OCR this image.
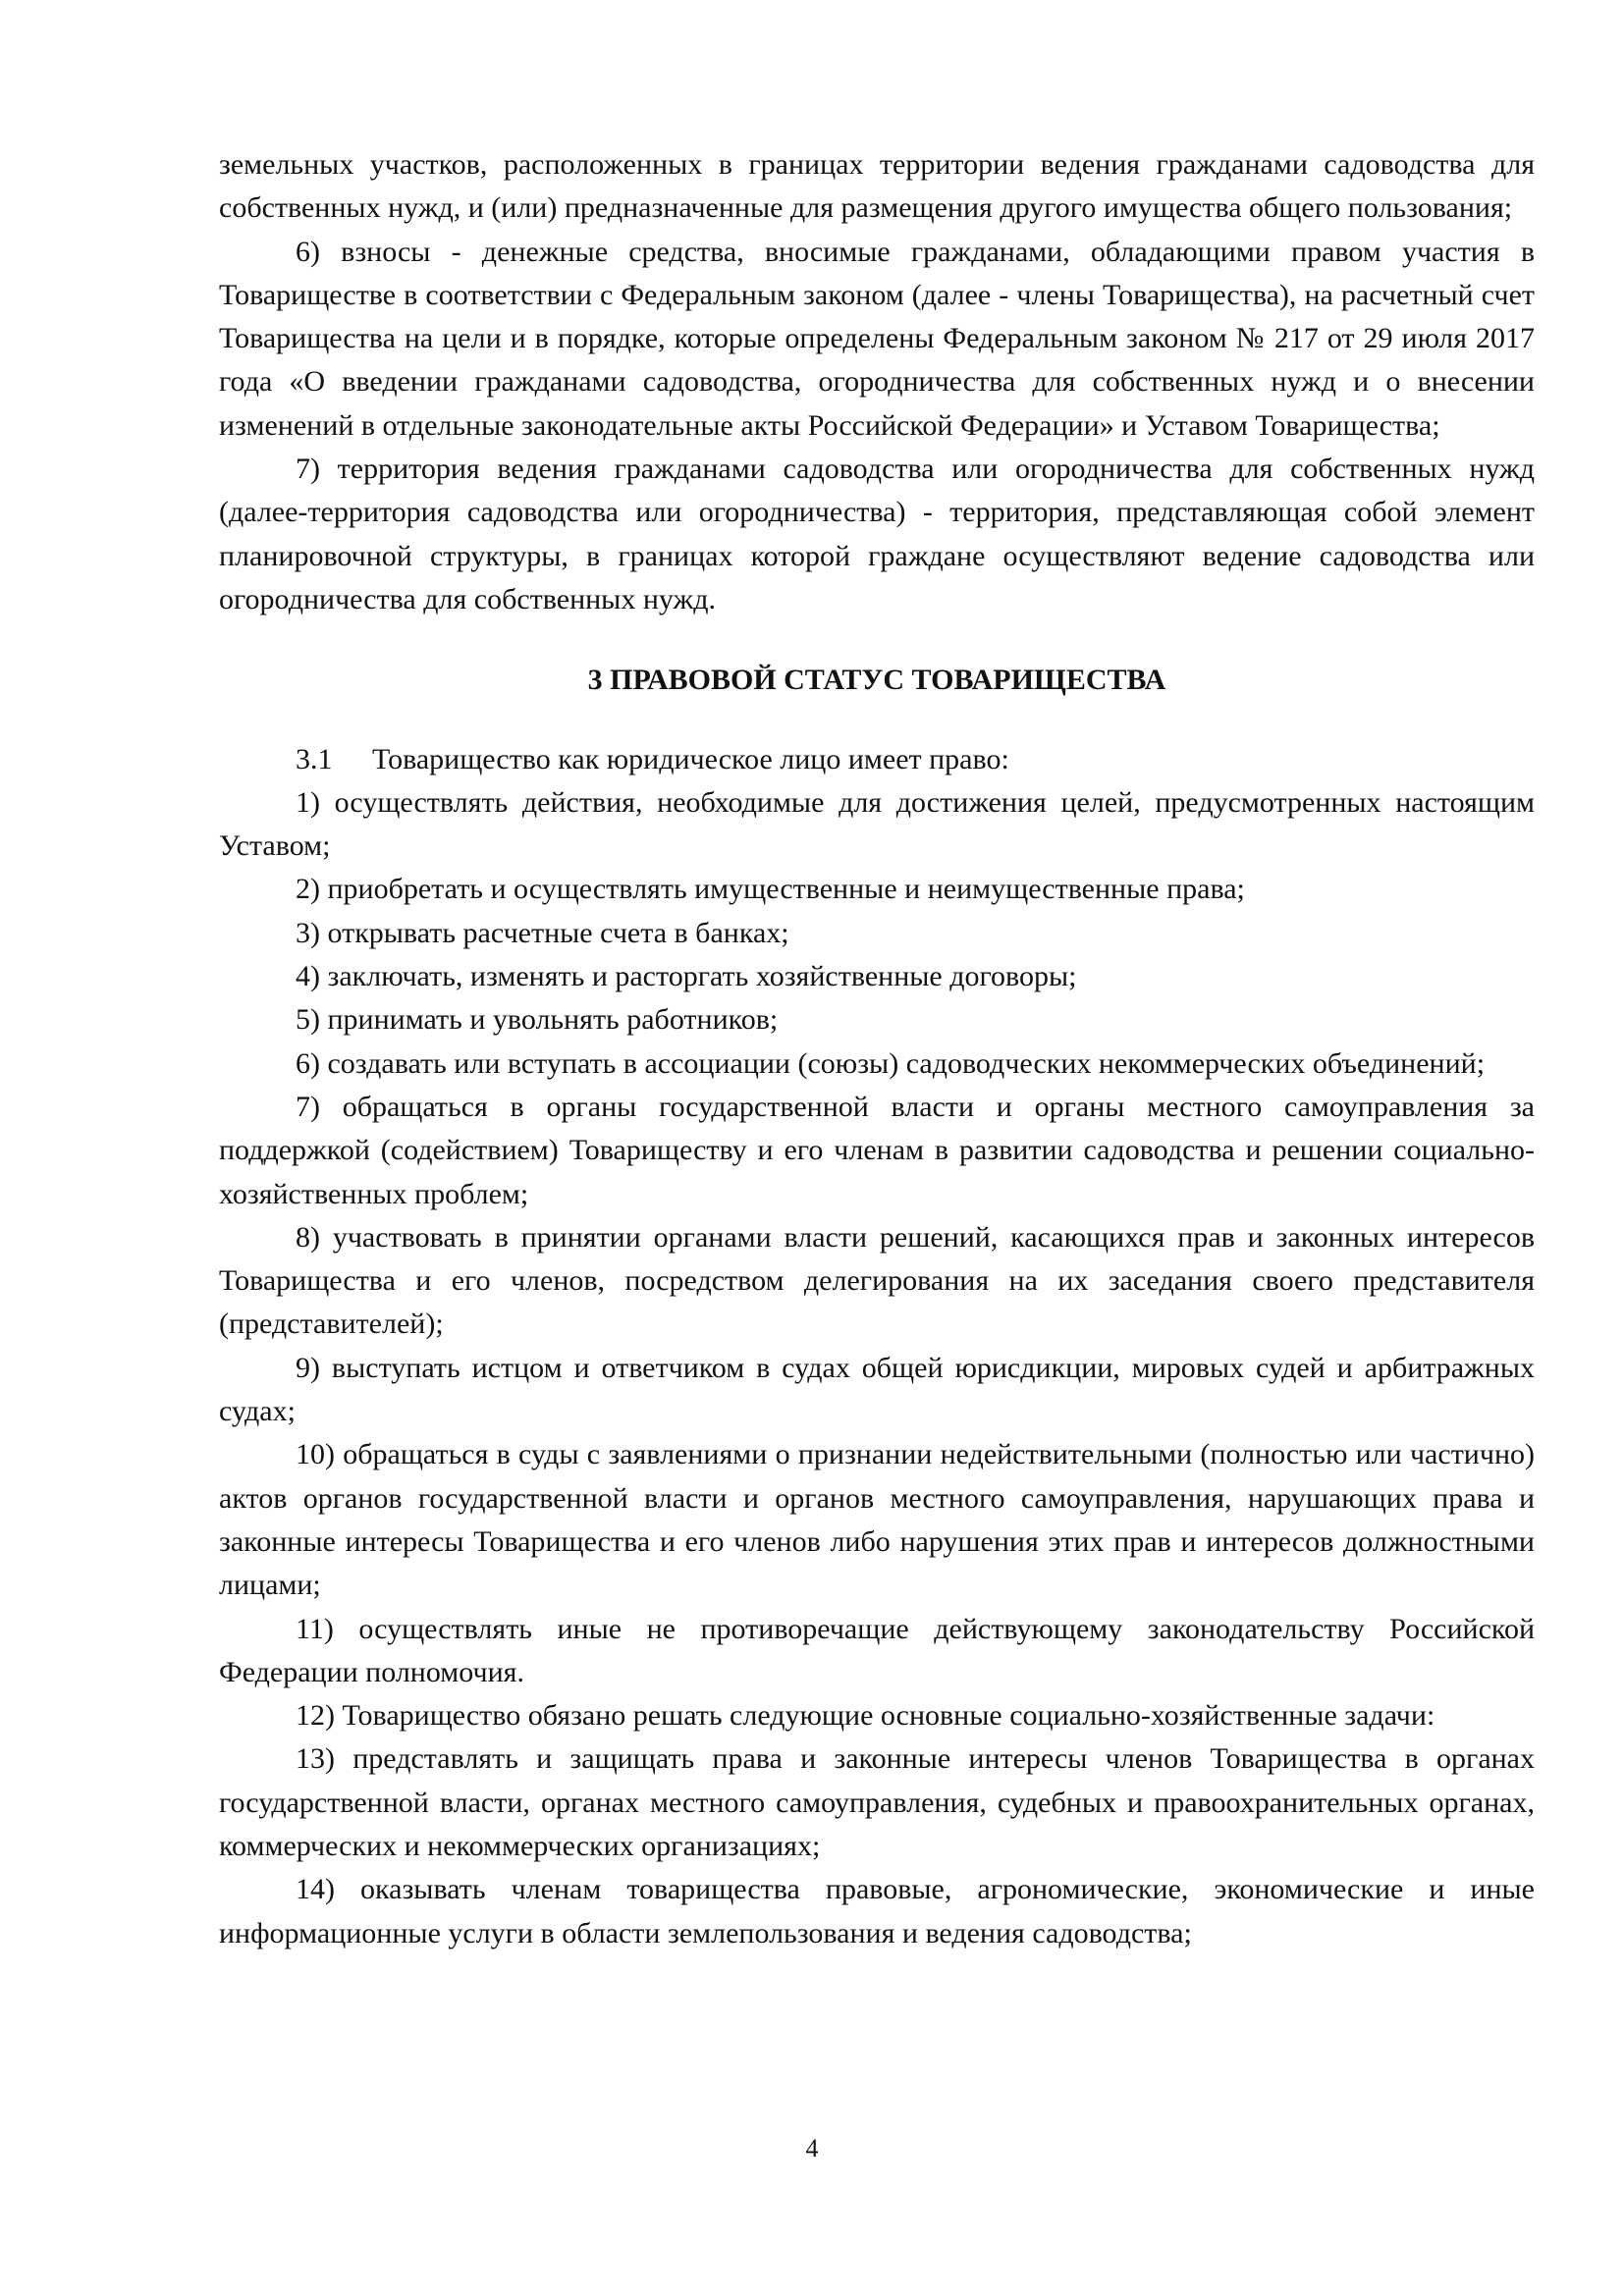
земельных участков, расположенных в границах территории ведения гражданами садоводства для собственных нужд, и (или) предназначенные для размещения другого имущества общего пользования;

6) взносы - денежные средства, вносимые гражданами, обладающими правом участия в Товариществе в соответствии с Федеральным законом (далее - члены Товарищества), на расчетный счет Товарищества на цели и в порядке, которые определены Федеральным законом № 217 от 29 июля 2017 года «О введении гражданами садоводства, огородничества для собственных нужд и о внесении изменений в отдельные законодательные акты Российской Федерации» и Уставом Товарищества;

7) территория ведения гражданами садоводства или огородничества для собственных нужд (далее-территория садоводства или огородничества) - территория, представляющая собой элемент планировочной структуры, в границах которой граждане осуществляют ведение садоводства или огородничества для собственных нужд.

3 ПРАВОВОЙ СТАТУС ТОВАРИЩЕСТВА

3.1 Товарищество как юридическое лицо имеет право:

1) осуществлять действия, необходимые для достижения целей, предусмотренных настоящим Уставом;

2) приобретать и осуществлять имущественные и неимущественные права;

3) открывать расчетные счета в банках;

4) заключать, изменять и расторгать хозяйственные договоры;

5) принимать и увольнять работников;

6) создавать или вступать в ассоциации (союзы) садоводческих некоммерческих объединений;

7) обращаться в органы государственной власти и органы местного самоуправления за поддержкой (содействием) Товариществу и его членам в развитии садоводства и решении социально-хозяйственных проблем;

8) участвовать в принятии органами власти решений, касающихся прав и законных интересов Товарищества и его членов, посредством делегирования на их заседания своего представителя (представителей);

9) выступать истцом и ответчиком в судах общей юрисдикции, мировых судей и арбитражных судах;

10) обращаться в суды с заявлениями о признании недействительными (полностью или частично) актов органов государственной власти и органов местного самоуправления, нарушающих права и законные интересы Товарищества и его членов либо нарушения этих прав и интересов должностными лицами;

11) осуществлять иные не противоречащие действующему законодательству Российской Федерации полномочия.

12) Товарищество обязано решать следующие основные социально-хозяйственные задачи:

13) представлять и защищать права и законные интересы членов Товарищества в органах государственной власти, органах местного самоуправления, судебных и правоохранительных органах, коммерческих и некоммерческих организациях;

14) оказывать членам товарищества правовые, агрономические, экономические и иные информационные услуги в области землепользования и ведения садоводства;

4
